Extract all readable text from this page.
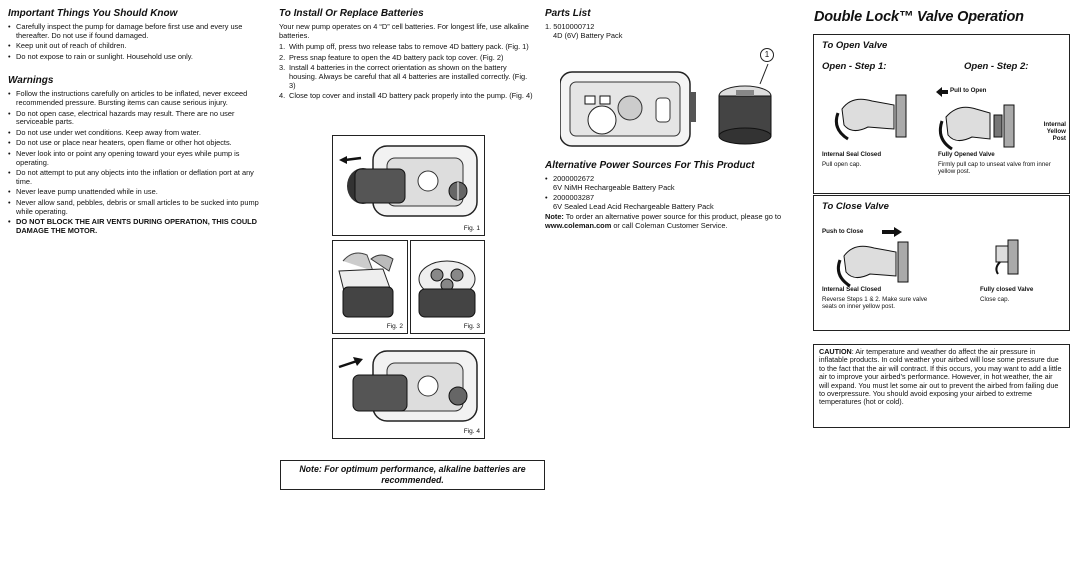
Important Things You Should Know
• Carefully inspect the pump for damage before first use and every use thereafter. Do not use if found damaged.
• Keep unit out of reach of children.
• Do not expose to rain or sunlight. Household use only.
Warnings
• Follow the instructions carefully on articles to be inflated, never exceed recommended pressure. Bursting items can cause serious injury.
• Do not open case, electrical hazards may result. There are no user serviceable parts.
• Do not use under wet conditions. Keep away from water.
• Do not use or place near heaters, open flame or other hot objects.
• Never look into or point any opening toward your eyes while pump is operating.
• Do not attempt to put any objects into the inflation or deflation port at any time.
• Never leave pump unattended while in use.
• Never allow sand, pebbles, debris or small articles to be sucked into pump while operating.
• DO NOT BLOCK THE AIR VENTS DURING OPERATION, THIS COULD DAMAGE THE MOTOR.
To Install Or Replace Batteries

Your new pump operates on 4 “D” cell batteries. For longest life, use alkaline batteries.

1. With pump off, press two release tabs to remove 4D battery pack. (Fig. 1)
2. Press snap feature to open the 4D battery pack top cover. (Fig. 2)
3. Install 4 batteries in the correct orientation as shown on the battery housing. Always be careful that all 4 batteries are installed correctly. (Fig. 3)
4. Close top cover and install 4D battery pack properly into the pump. (Fig. 4)
Fig. 1
Fig. 2	Fig. 3
Fig. 4
Note: For optimum performance, alkaline batteries are recommended.
Parts List
1. 5010000712
4D (6V) Battery Pack
1
Alternative Power Sources For This Product
• 2000002672
6V NiMH Rechargeable Battery Pack
• 2000003287
6V Sealed Lead Acid Rechargeable Battery Pack

Note: To order an alternative power source for this product, please go to www.coleman.com or call Coleman Customer Service.

Double Lock™ Valve Operation
To Open Valve
Open - Step 1:	Open - Step 2:
Pull to Open
Internal
Yellow
Post
Internal Seal Closed
Pull open cap.
Fully Opened Valve
Firmly pull cap to unseat valve from inner yellow post.
To Close Valve
Push to Close
Internal Seal Closed
Reverse Steps 1 & 2. Make sure valve seats on inner yellow post.
Fully closed Valve
Close cap.
CAUTION: Air temperature and weather do affect the air pressure in inflatable products. In cold weather your airbed will lose some pressure due to the fact that the air will contract. If this occurs, you may want to add a little air to improve your airbed’s performance. However, in hot weather, the air will expand. You must let some air out to prevent the airbed from failing due to overpressure. You should avoid exposing your airbed to extreme temperatures (hot or cold).
